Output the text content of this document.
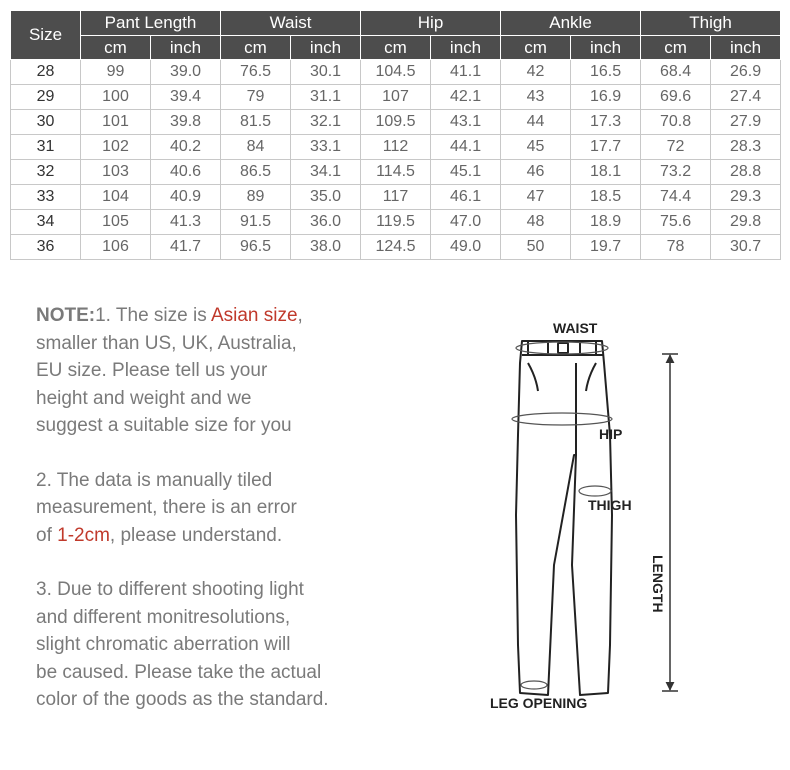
Size	Pant Length		Waist		Hip		Ankle		Thigh	
	cm	inch	cm	inch	cm	inch	cm	inch	cm	inch
28	99	39.0	76.5	30.1	104.5	41.1	42	16.5	68.4	26.9
29	100	39.4	79	31.1	107	42.1	43	16.9	69.6	27.4
30	101	39.8	81.5	32.1	109.5	43.1	44	17.3	70.8	27.9
31	102	40.2	84	33.1	112	44.1	45	17.7	72	28.3
32	103	40.6	86.5	34.1	114.5	45.1	46	18.1	73.2	28.8
33	104	40.9	89	35.0	117	46.1	47	18.5	74.4	29.3
34	105	41.3	91.5	36.0	119.5	47.0	48	18.9	75.6	29.8
36	106	41.7	96.5	38.0	124.5	49.0	50	19.7	78	30.7

NOTE:1. The size is Asian size,

smaller than US, UK, Australia,

EU size. Please tell us your

height and weight and we

suggest a suitable size for you

2. The data is manually tiled

measurement, there is an error

of 1-2cm, please understand.

3. Due to different shooting light

and different monitresolutions,

slight chromatic aberration will

be caused. Please take the actual

color of the goods as the standard.

WAIST
HIP
THIGH
LEG OPENING
LENGTH
